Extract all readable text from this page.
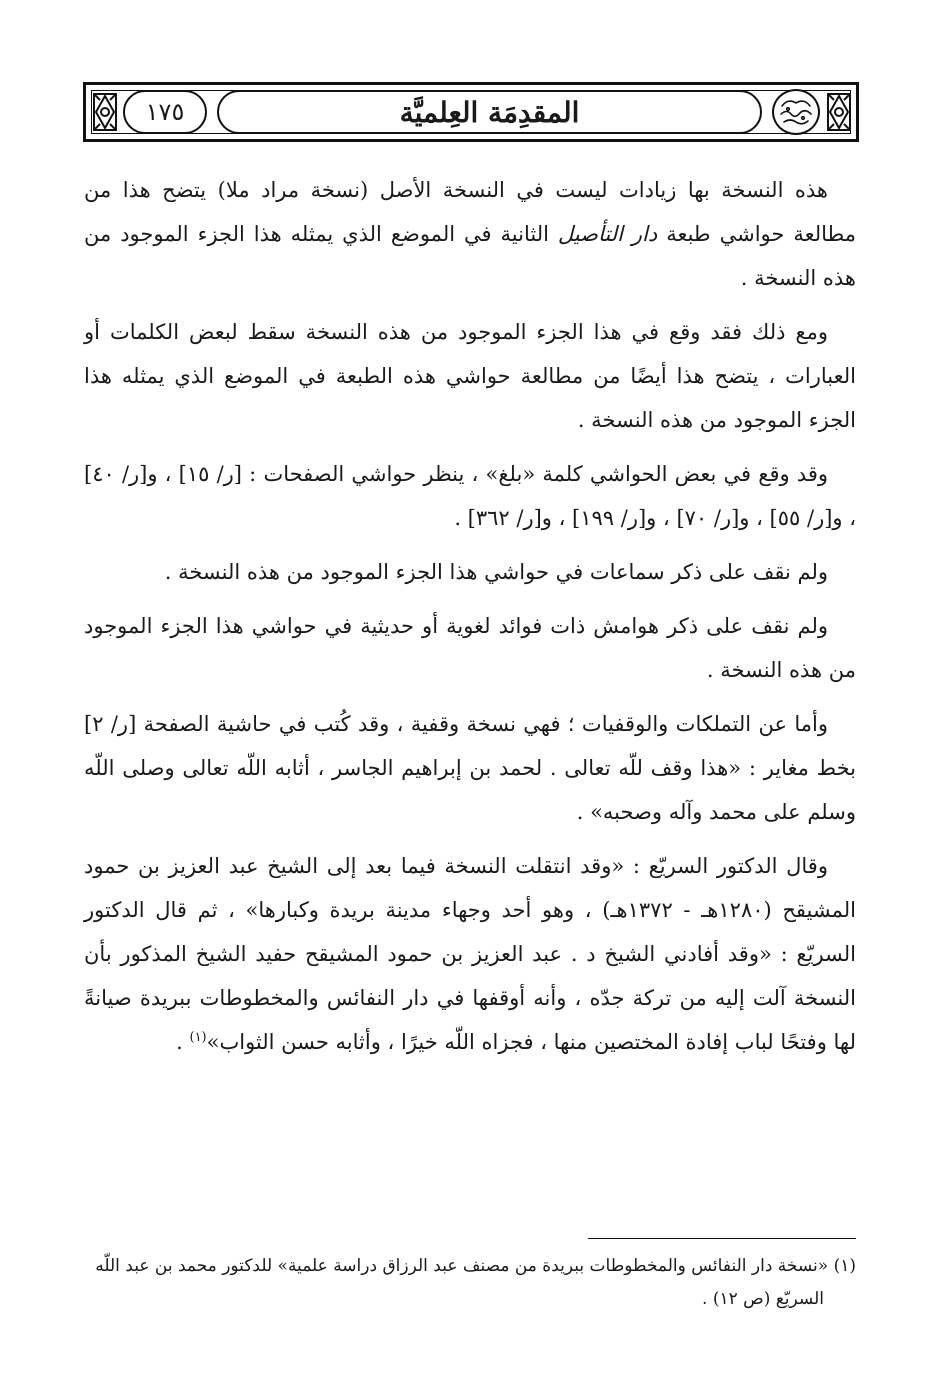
١٧٥	المقدِمَة العِلميَّة

هذه النسخة بها زيادات ليست في النسخة الأصل (نسخة مراد ملا) يتضح هذا من مطالعة حواشي طبعة دار التأصيل الثانية في الموضع الذي يمثله هذا الجزء الموجود من هذه النسخة .

ومع ذلك فقد وقع في هذا الجزء الموجود من هذه النسخة سقط لبعض الكلمات أو العبارات ، يتضح هذا أيضًا من مطالعة حواشي هذه الطبعة في الموضع الذي يمثله هذا الجزء الموجود من هذه النسخة .

وقد وقع في بعض الحواشي كلمة «بلغ» ، ينظر حواشي الصفحات : [ر/ ١٥] ، و[ر/ ٤٠] ، و[ر/ ٥٥] ، و[ر/ ٧٠] ، و[ر/ ١٩٩] ، و[ر/ ٣٦٢] .

ولم نقف على ذكر سماعات في حواشي هذا الجزء الموجود من هذه النسخة .

ولم نقف على ذكر هوامش ذات فوائد لغوية أو حديثية في حواشي هذا الجزء الموجود من هذه النسخة .

وأما عن التملكات والوقفيات ؛ فهي نسخة وقفية ، وقد كُتب في حاشية الصفحة [ر/ ٢] بخط مغاير : «هذا وقف للّه تعالى . لحمد بن إبراهيم الجاسر ، أثابه اللّه تعالى وصلى اللّه وسلم على محمد وآله وصحبه» .

وقال الدكتور السريّع : «وقد انتقلت النسخة فيما بعد إلى الشيخ عبد العزيز بن حمود المشيقح (١٢٨٠هـ - ١٣٧٢هـ) ، وهو أحد وجهاء مدينة بريدة وكبارها» ، ثم قال الدكتور السريّع : «وقد أفادني الشيخ د . عبد العزيز بن حمود المشيقح حفيد الشيخ المذكور بأن النسخة آلت إليه من تركة جدّه ، وأنه أوقفها في دار النفائس والمخطوطات ببريدة صيانةً لها وفتحًا لباب إفادة المختصين منها ، فجزاه اللّه خيرًا ، وأثابه حسن الثواب»$^{(١)}$ .

(١) «نسخة دار النفائس والمخطوطات ببريدة من مصنف عبد الرزاق دراسة علمية» للدكتور محمد بن عبد اللّه السريّع (ص ١٢) .
